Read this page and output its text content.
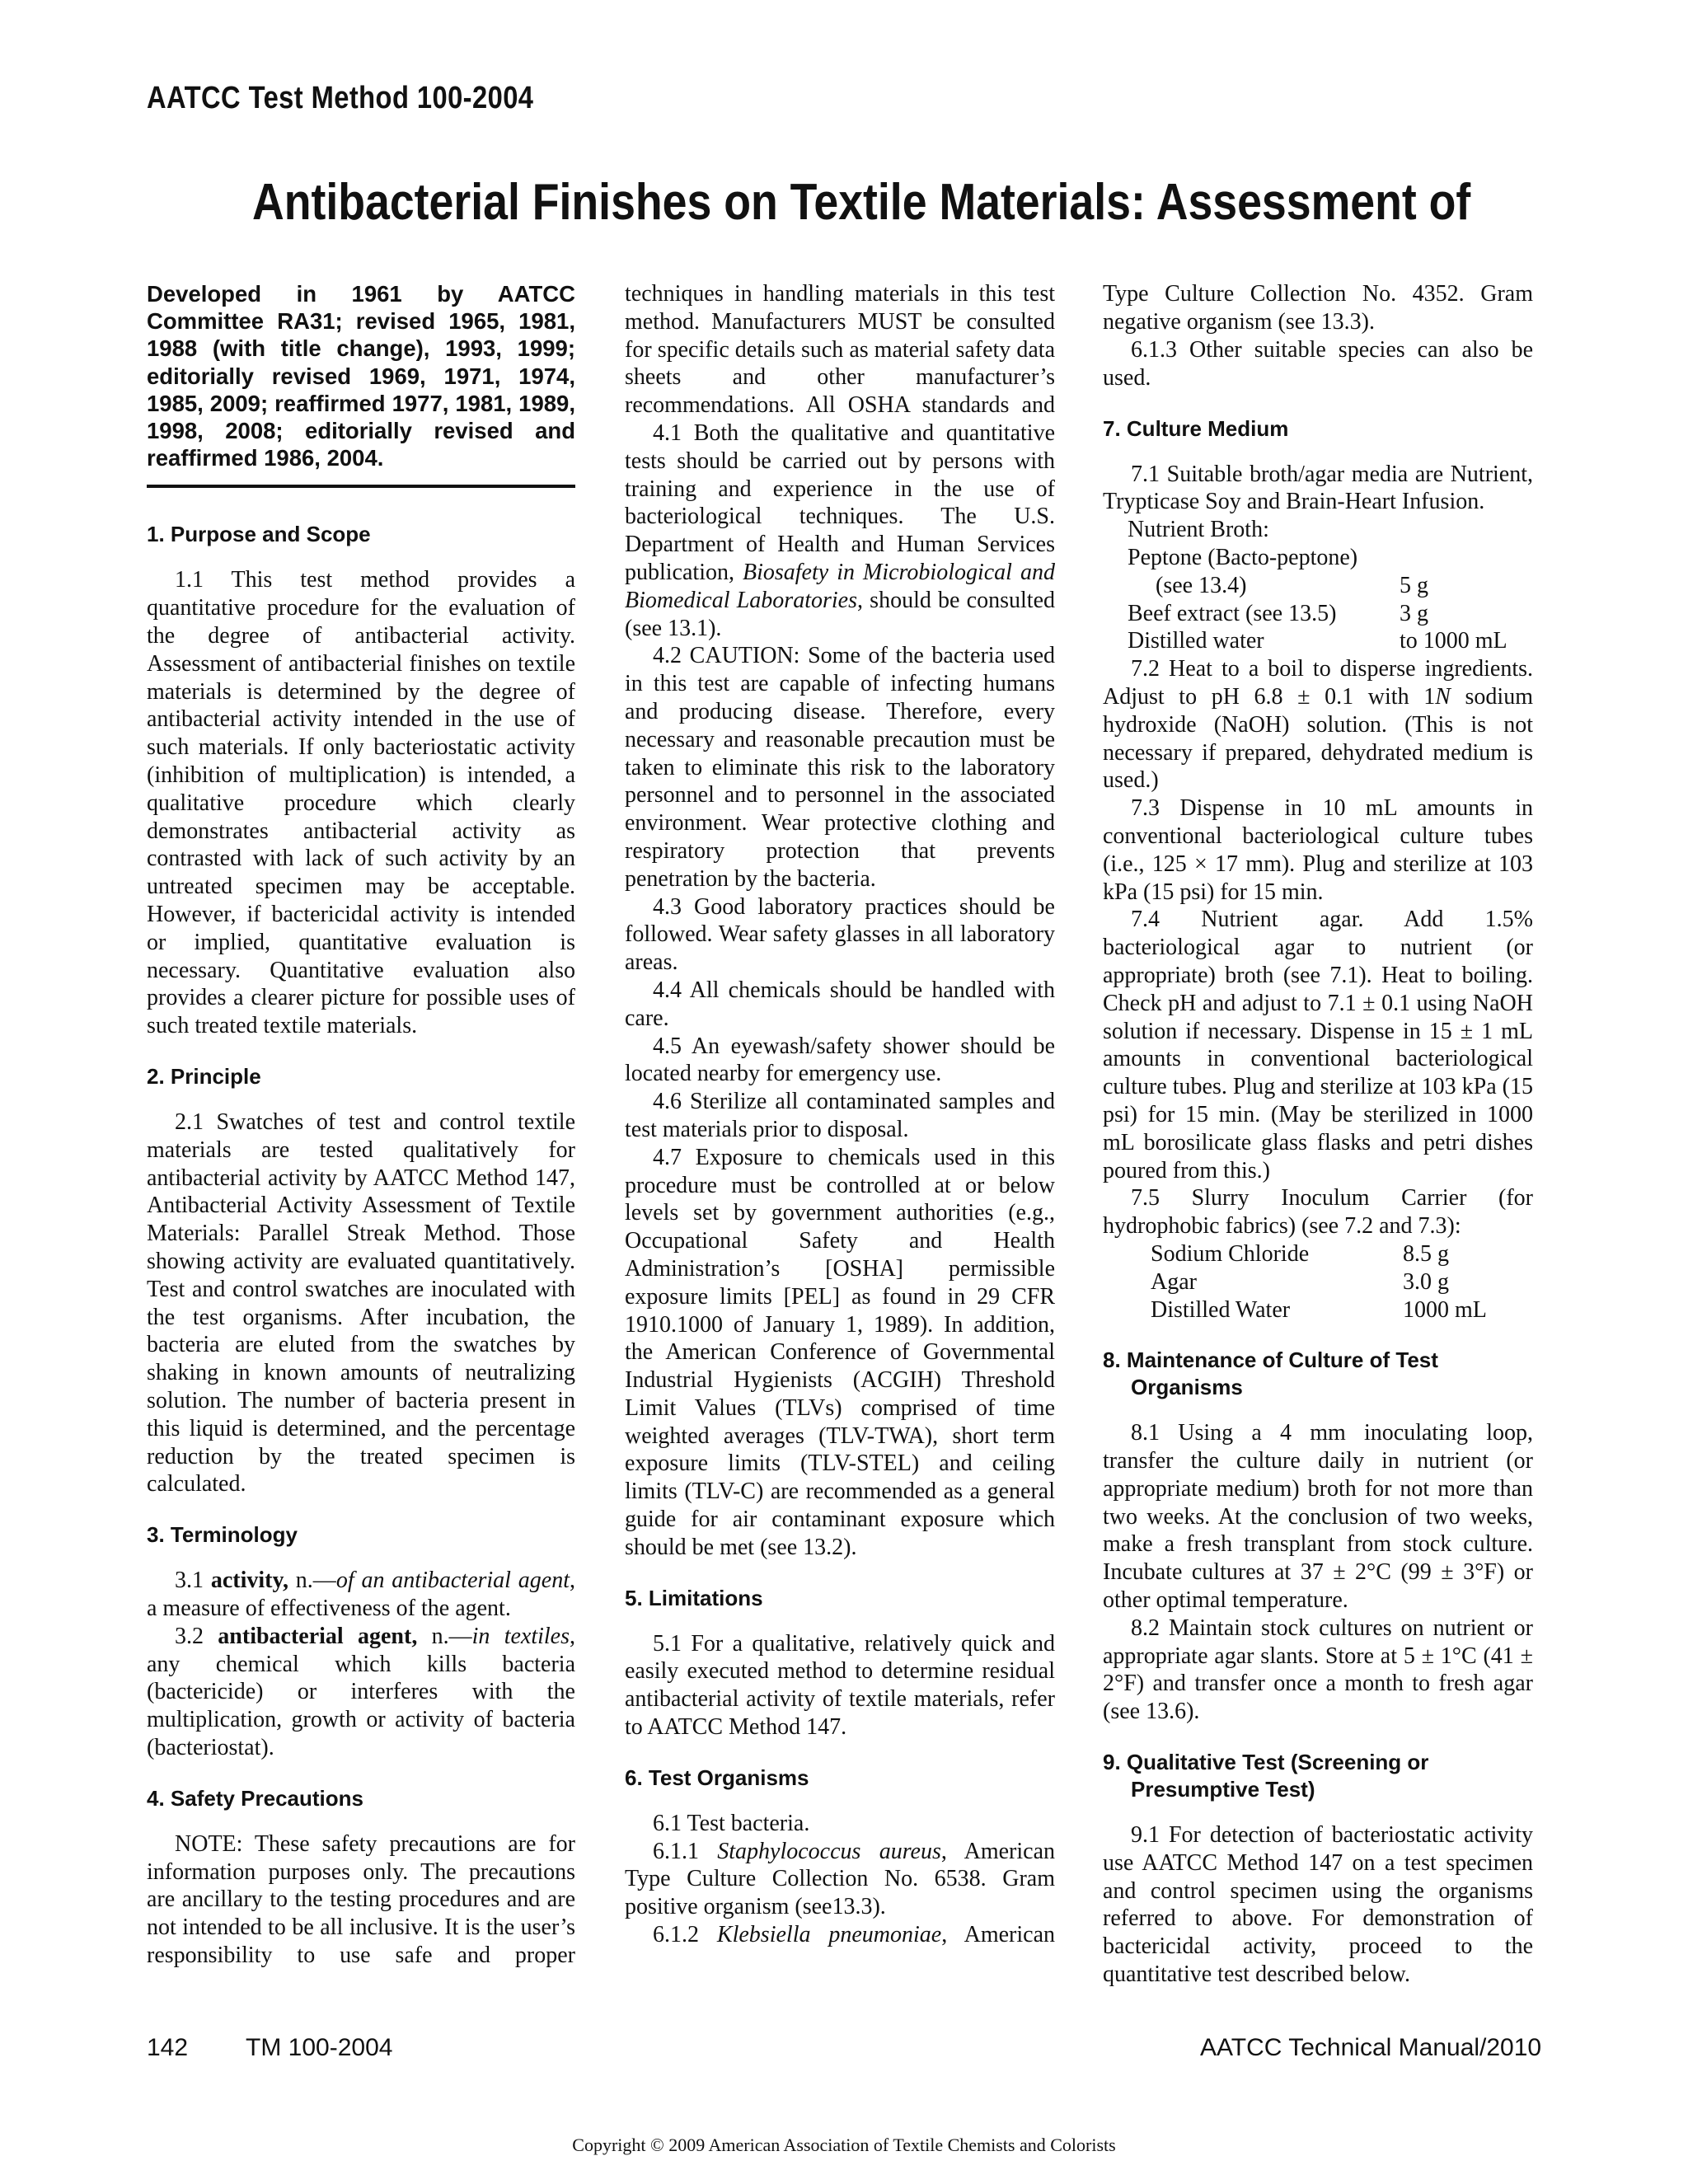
AATCC Test Method 100-2004
Antibacterial Finishes on Textile Materials: Assessment of
Developed in 1961 by AATCC Committee RA31; revised 1965, 1981, 1988 (with title change), 1993, 1999; editorially revised 1969, 1971, 1974, 1985, 2009; reaffirmed 1977, 1981, 1989, 1998, 2008; editorially revised and reaffirmed 1986, 2004.
1. Purpose and Scope

1.1 This test method provides a quantitative procedure for the evaluation of the degree of antibacterial activity. Assessment of antibacterial finishes on textile materials is determined by the degree of antibacterial activity intended in the use of such materials. If only bacteriostatic activity (inhibition of multiplication) is intended, a qualitative procedure which clearly demonstrates antibacterial activity as contrasted with lack of such activity by an untreated specimen may be acceptable. However, if bactericidal activity is intended or implied, quantitative evaluation is necessary. Quantitative evaluation also provides a clearer picture for possible uses of such treated textile materials.

2. Principle

2.1 Swatches of test and control textile materials are tested qualitatively for antibacterial activity by AATCC Method 147, Antibacterial Activity Assessment of Textile Materials: Parallel Streak Method. Those showing activity are evaluated quantitatively. Test and control swatches are inoculated with the test organisms. After incubation, the bacteria are eluted from the swatches by shaking in known amounts of neutralizing solution. The number of bacteria present in this liquid is determined, and the percentage reduction by the treated specimen is calculated.

3. Terminology

3.1 activity, n.—of an antibacterial agent, a measure of effectiveness of the agent.

3.2 antibacterial agent, n.—in textiles, any chemical which kills bacteria (bactericide) or interferes with the multiplication, growth or activity of bacteria (bacteriostat).

4. Safety Precautions

NOTE: These safety precautions are for information purposes only. The precautions are ancillary to the testing procedures and are not intended to be all inclusive. It is the user’s responsibility to use safe and proper

techniques in handling materials in this test method. Manufacturers MUST be consulted for specific details such as material safety data sheets and other manufacturer’s recommendations. All OSHA standards and

4.1 Both the qualitative and quantitative tests should be carried out by persons with training and experience in the use of bacteriological techniques. The U.S. Department of Health and Human Services publication, Biosafety in Microbiological and Biomedical Laboratories, should be consulted (see 13.1).

4.2 CAUTION: Some of the bacteria used in this test are capable of infecting humans and producing disease. Therefore, every necessary and reasonable precaution must be taken to eliminate this risk to the laboratory personnel and to personnel in the associated environment. Wear protective clothing and respiratory protection that prevents penetration by the bacteria.

4.3 Good laboratory practices should be followed. Wear safety glasses in all laboratory areas.

4.4 All chemicals should be handled with care.

4.5 An eyewash/safety shower should be located nearby for emergency use.

4.6 Sterilize all contaminated samples and test materials prior to disposal.

4.7 Exposure to chemicals used in this procedure must be controlled at or below levels set by government authorities (e.g., Occupational Safety and Health Administration’s [OSHA] permissible exposure limits [PEL] as found in 29 CFR 1910.1000 of January 1, 1989). In addition, the American Conference of Governmental Industrial Hygienists (ACGIH) Threshold Limit Values (TLVs) comprised of time weighted averages (TLV-TWA), short term exposure limits (TLV-STEL) and ceiling limits (TLV-C) are recommended as a general guide for air contaminant exposure which should be met (see 13.2).

5. Limitations

5.1 For a qualitative, relatively quick and easily executed method to determine residual antibacterial activity of textile materials, refer to AATCC Method 147.

6. Test Organisms

6.1 Test bacteria.

6.1.1 Staphylococcus aureus, American Type Culture Collection No. 6538. Gram positive organism (see13.3).

6.1.2 Klebsiella pneumoniae, American

Type Culture Collection No. 4352. Gram negative organism (see 13.3).

6.1.3 Other suitable species can also be used.

7. Culture Medium

7.1 Suitable broth/agar media are Nutrient, Trypticase Soy and Brain-Heart Infusion.

Nutrient Broth:
Peptone (Bacto-peptone)
(see 13.4)	5 g
Beef extract (see 13.5)	3 g
Distilled water	to 1000 mL

7.2 Heat to a boil to disperse ingredients. Adjust to pH 6.8 ± 0.1 with 1N sodium hydroxide (NaOH) solution. (This is not necessary if prepared, dehydrated medium is used.)

7.3 Dispense in 10 mL amounts in conventional bacteriological culture tubes (i.e., 125 × 17 mm). Plug and sterilize at 103 kPa (15 psi) for 15 min.

7.4 Nutrient agar. Add 1.5% bacteriological agar to nutrient (or appropriate) broth (see 7.1). Heat to boiling. Check pH and adjust to 7.1 ± 0.1 using NaOH solution if necessary. Dispense in 15 ± 1 mL amounts in conventional bacteriological culture tubes. Plug and sterilize at 103 kPa (15 psi) for 15 min. (May be sterilized in 1000 mL borosilicate glass flasks and petri dishes poured from this.)

7.5 Slurry Inoculum Carrier (for hydrophobic fabrics) (see 7.2 and 7.3):

Sodium Chloride	8.5 g
Agar	3.0 g
Distilled Water	1000 mL
8. Maintenance of Culture of Test Organisms

8.1 Using a 4 mm inoculating loop, transfer the culture daily in nutrient (or appropriate medium) broth for not more than two weeks. At the conclusion of two weeks, make a fresh transplant from stock culture. Incubate cultures at 37 ± 2°C (99 ± 3°F) or other optimal temperature.

8.2 Maintain stock cultures on nutrient or appropriate agar slants. Store at 5 ± 1°C (41 ± 2°F) and transfer once a month to fresh agar (see 13.6).

9. Qualitative Test (Screening or Presumptive Test)

9.1 For detection of bacteriostatic activity use AATCC Method 147 on a test specimen and control specimen using the organisms referred to above. For demonstration of bactericidal activity, proceed to the quantitative test described below.

142 TM 100-2004	AATCC Technical Manual/2010
Copyright © 2009 American Association of Textile Chemists and Colorists
